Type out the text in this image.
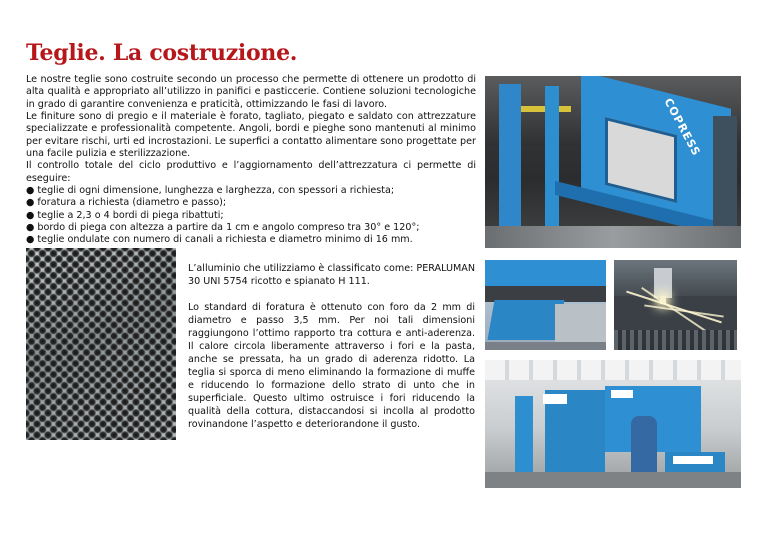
Teglie. La costruzione.

Le nostre teglie sono costruite secondo un processo che permette di ottenere un prodotto di alta qualità e appropriato all’utilizzo in panifici e pasticcerie. Contiene soluzioni tecnologiche in grado di garantire convenienza e praticità, ottimizzando le fasi di lavoro.

Le finiture sono di pregio e il materiale è forato, tagliato, piegato e saldato con attrezzature specializzate e professionalità competente. Angoli, bordi e pieghe sono mantenuti al minimo per evitare rischi, urti ed incrostazioni. Le superfici a contatto alimentare sono progettate per una facile pulizia e sterilizzazione.

Il controllo totale del ciclo produttivo e l’aggiornamento dell’attrezzatura ci permette di eseguire:

● teglie di ogni dimensione, lunghezza e larghezza, con spessori a richiesta;
● foratura a richiesta (diametro e passo);
● teglie a 2,3 o 4 bordi di piega ribattuti;
● bordo di piega con altezza a partire da 1 cm e angolo compreso tra 30° e 120°;
● teglie ondulate con numero di canali a richiesta e diametro minimo di 16 mm.

L’alluminio che utilizziamo è classificato come: PERALUMAN 30 UNI 5754 ricotto e spianato H 111.

Lo standard di foratura è ottenuto con foro da 2 mm di diametro e passo 3,5 mm. Per noi tali dimensioni raggiungono l’ottimo rapporto tra cottura e anti-aderenza. Il calore circola liberamente attraverso i fori e la pasta, anche se pressata, ha un grado di aderenza ridotto. La teglia si sporca di meno eliminando la formazione di muffe e riducendo lo formazione dello strato di unto che in superficiale. Questo ultimo ostruisce i fori riducendo la qualità della cottura, distaccandosi si incolla al prodotto rovinandone l’aspetto e deteriorandone il gusto.

COPRESS
